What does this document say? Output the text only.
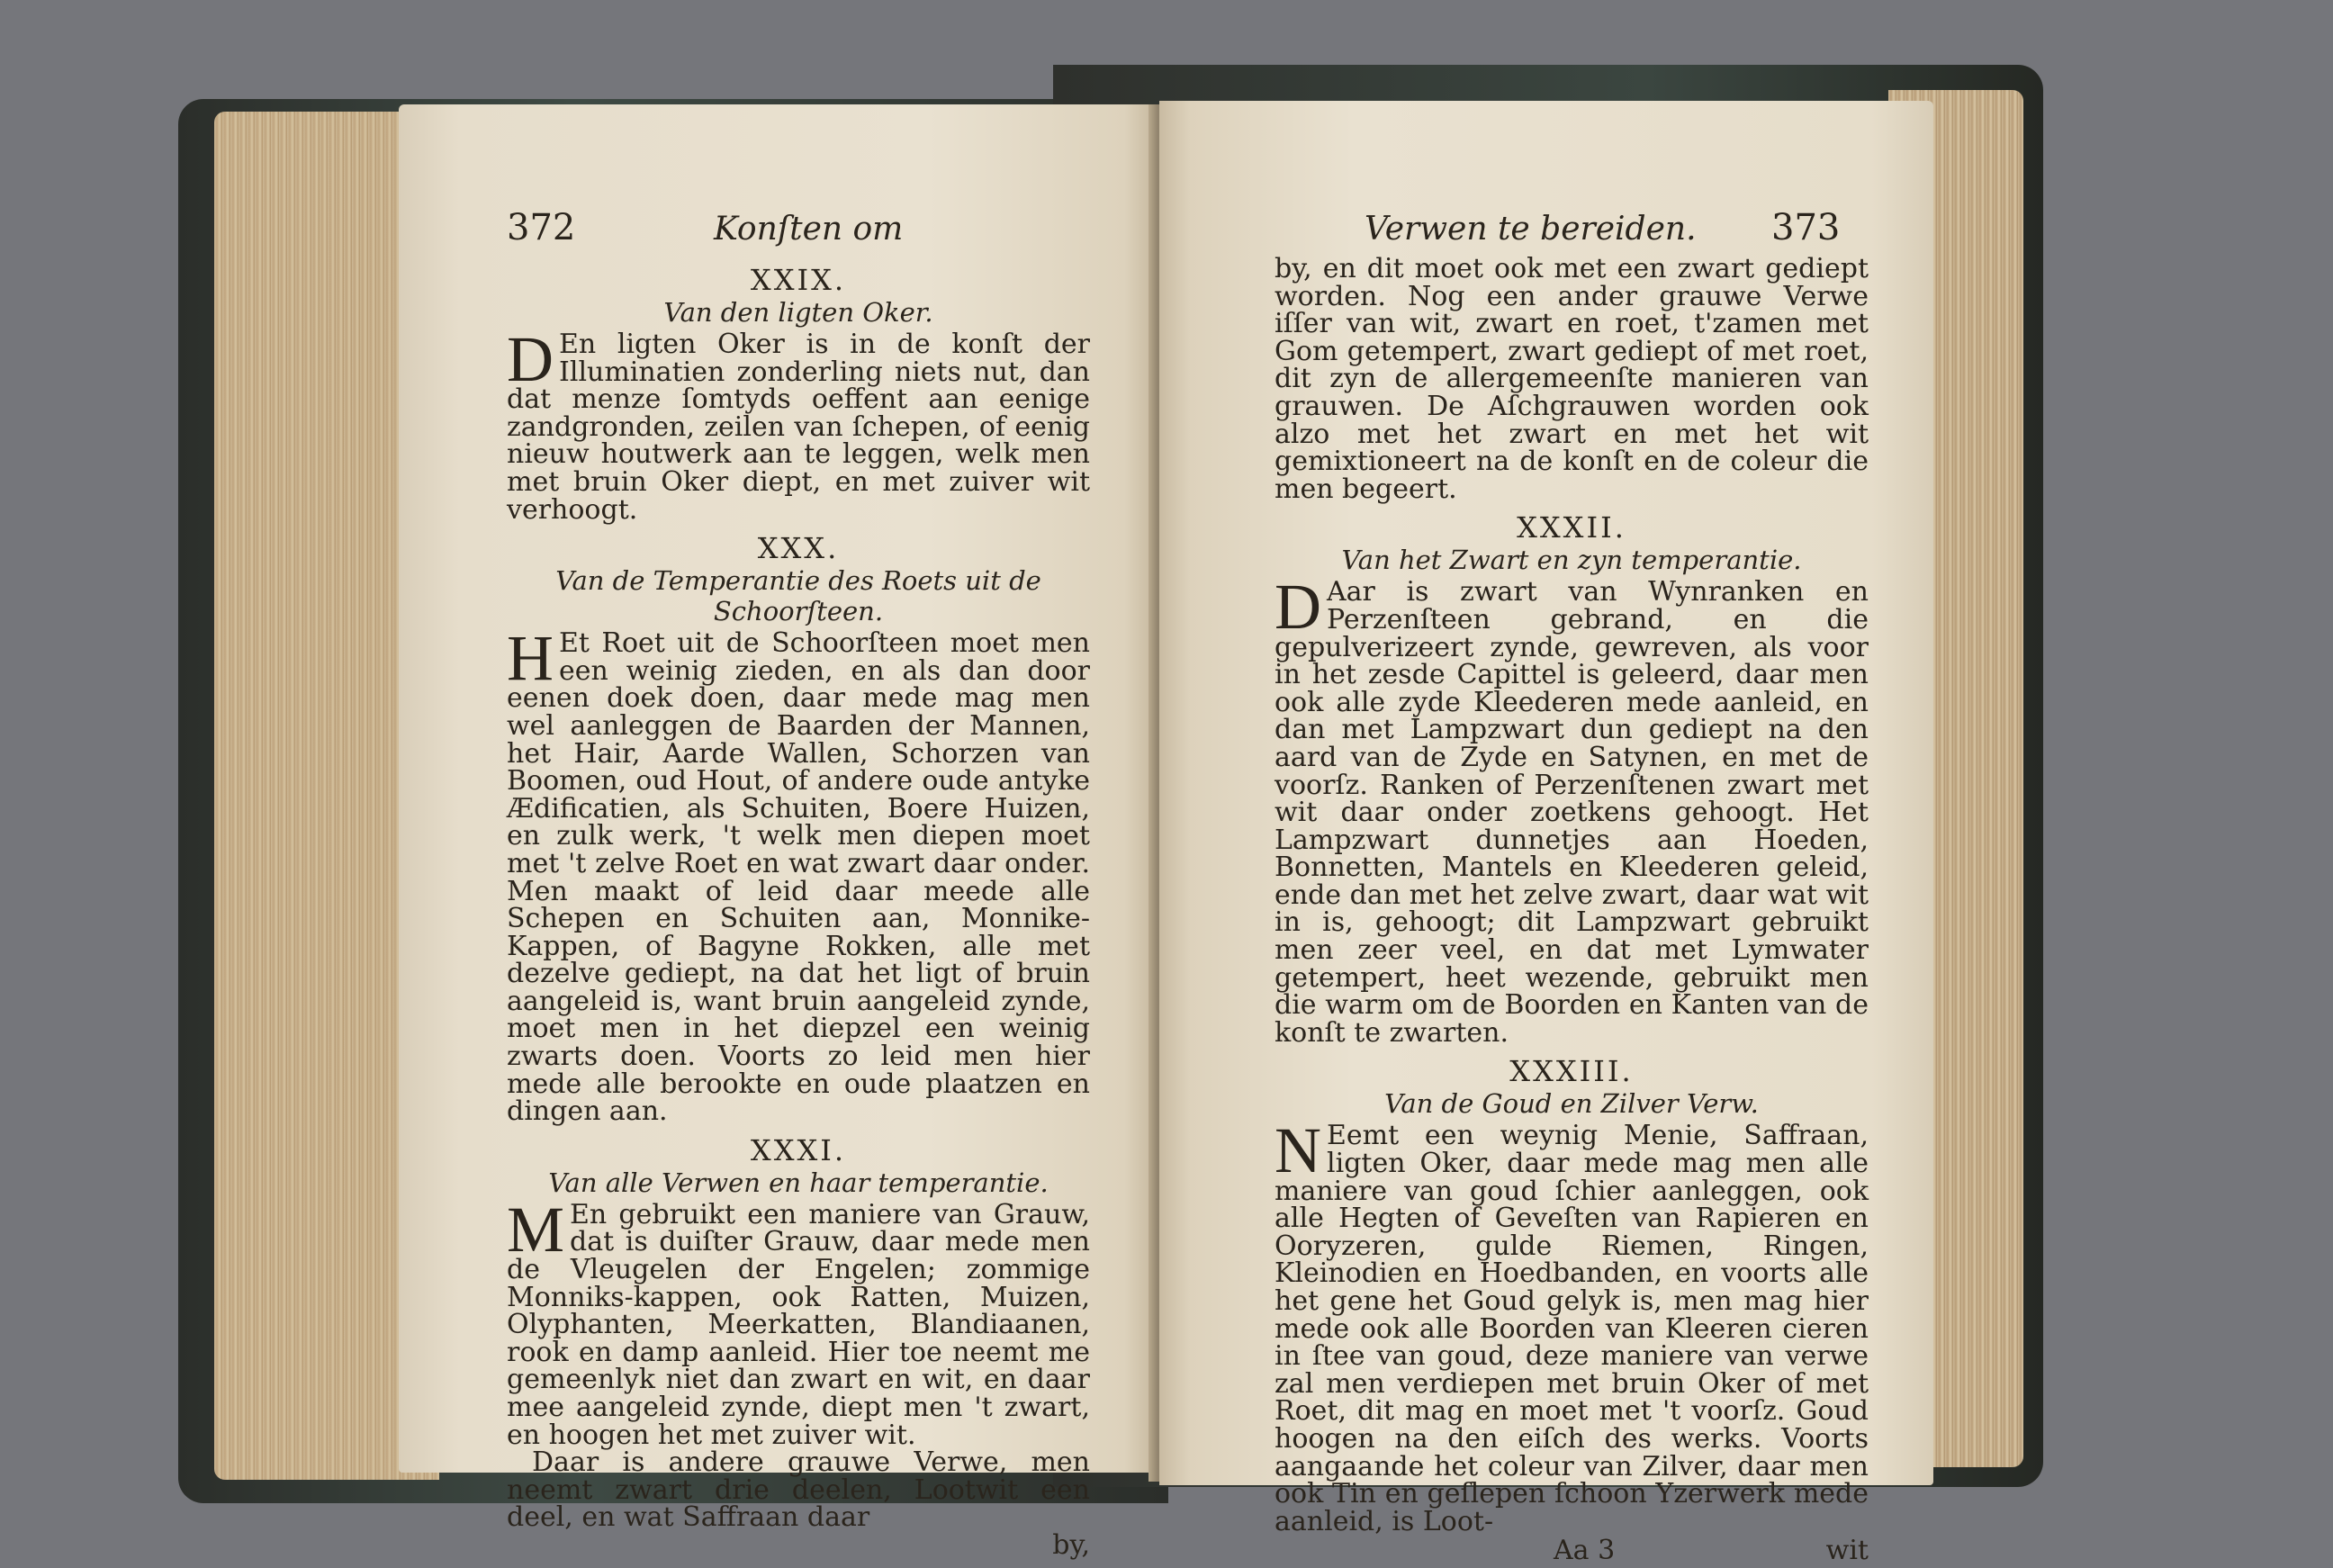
372	Konſten om
XXIX.
Van den ligten Oker.

D En ligten Oker is in de konſt der Illuminatien zonderling niets nut, dan dat menze ſomtyds oeffent aan eenige zandgronden, zeilen van ſchepen, of eenig nieuw houtwerk aan te leggen, welk men met bruin Oker diept, en met zuiver wit verhoogt.

XXX.
Van de Temperantie des Roets uit de Schoorſteen.

H Et Roet uit de Schoorſteen moet men een weinig zieden, en als dan door eenen doek doen, daar mede mag men wel aanleggen de Baarden der Mannen, het Hair, Aarde Wallen, Schorzen van Boomen, oud Hout, of andere oude antyke Ædificatien, als Schuiten, Boere Huizen, en zulk werk, 't welk men diepen moet met 't zelve Roet en wat zwart daar onder. Men maakt of leid daar meede alle Schepen en Schuiten aan, Monnike-Kappen, of Bagyne Rokken, alle met dezelve gediept, na dat het ligt of bruin aangeleid is, want bruin aangeleid zynde, moet men in het diepzel een weinig zwarts doen. Voorts zo leid men hier mede alle berookte en oude plaatzen en dingen aan.

XXXI.
Van alle Verwen en haar temperantie.

M En gebruikt een maniere van Grauw, dat is duiſter Grauw, daar mede men de Vleugelen der Engelen; zommige Monniks-kappen, ook Ratten, Muizen, Olyphanten, Meerkatten, Blandiaanen, rook en damp aanleid. Hier toe neemt me gemeenlyk niet dan zwart en wit, en daar mee aangeleid zynde, diept men 't zwart, en hoogen het met zuiver wit.

Daar is andere grauwe Verwe, men neemt zwart drie deelen, Lootwit een deel, en wat Saffraan daar

by,
Verwen te bereiden. 373

by, en dit moet ook met een zwart gediept worden. Nog een ander grauwe Verwe iſſer van wit, zwart en roet, t'zamen met Gom getempert, zwart gediept of met roet, dit zyn de allergemeenſte manieren van grauwen. De Aſchgrauwen worden ook alzo met het zwart en met het wit gemixtioneert na de konſt en de coleur die men begeert.

XXXII.
Van het Zwart en zyn temperantie.

D Aar is zwart van Wynranken en Perzenſteen gebrand, en die gepulverizeert zynde, gewreven, als voor in het zesde Capittel is geleerd, daar men ook alle zyde Kleederen mede aanleid, en dan met Lampzwart dun gediept na den aard van de Zyde en Satynen, en met de voorſz. Ranken of Perzenſtenen zwart met wit daar onder zoetkens gehoogt. Het Lampzwart dunnetjes aan Hoeden, Bonnetten, Mantels en Kleederen geleid, ende dan met het zelve zwart, daar wat wit in is, gehoogt; dit Lampzwart gebruikt men zeer veel, en dat met Lymwater getempert, heet wezende, gebruikt men die warm om de Boorden en Kanten van de konſt te zwarten.

XXXIII.
Van de Goud en Zilver Verw.

N Eemt een weynig Menie, Saffraan, ligten Oker, daar mede mag men alle maniere van goud ſchier aanleggen, ook alle Hegten of Geveſten van Rapieren en Ooryzeren, gulde Riemen, Ringen, Kleinodien en Hoedbanden, en voorts alle het gene het Goud gelyk is, men mag hier mede ook alle Boorden van Kleeren cieren in ſtee van goud, deze maniere van verwe zal men verdiepen met bruin Oker of met Roet, dit mag en moet met 't voorſz. Goud hoogen na den eiſch des werks. Voorts aangaande het coleur van Zilver, daar men ook Tin en geſlepen ſchoon Yzerwerk mede aanleid, is Loot-

Aa 3	wit
